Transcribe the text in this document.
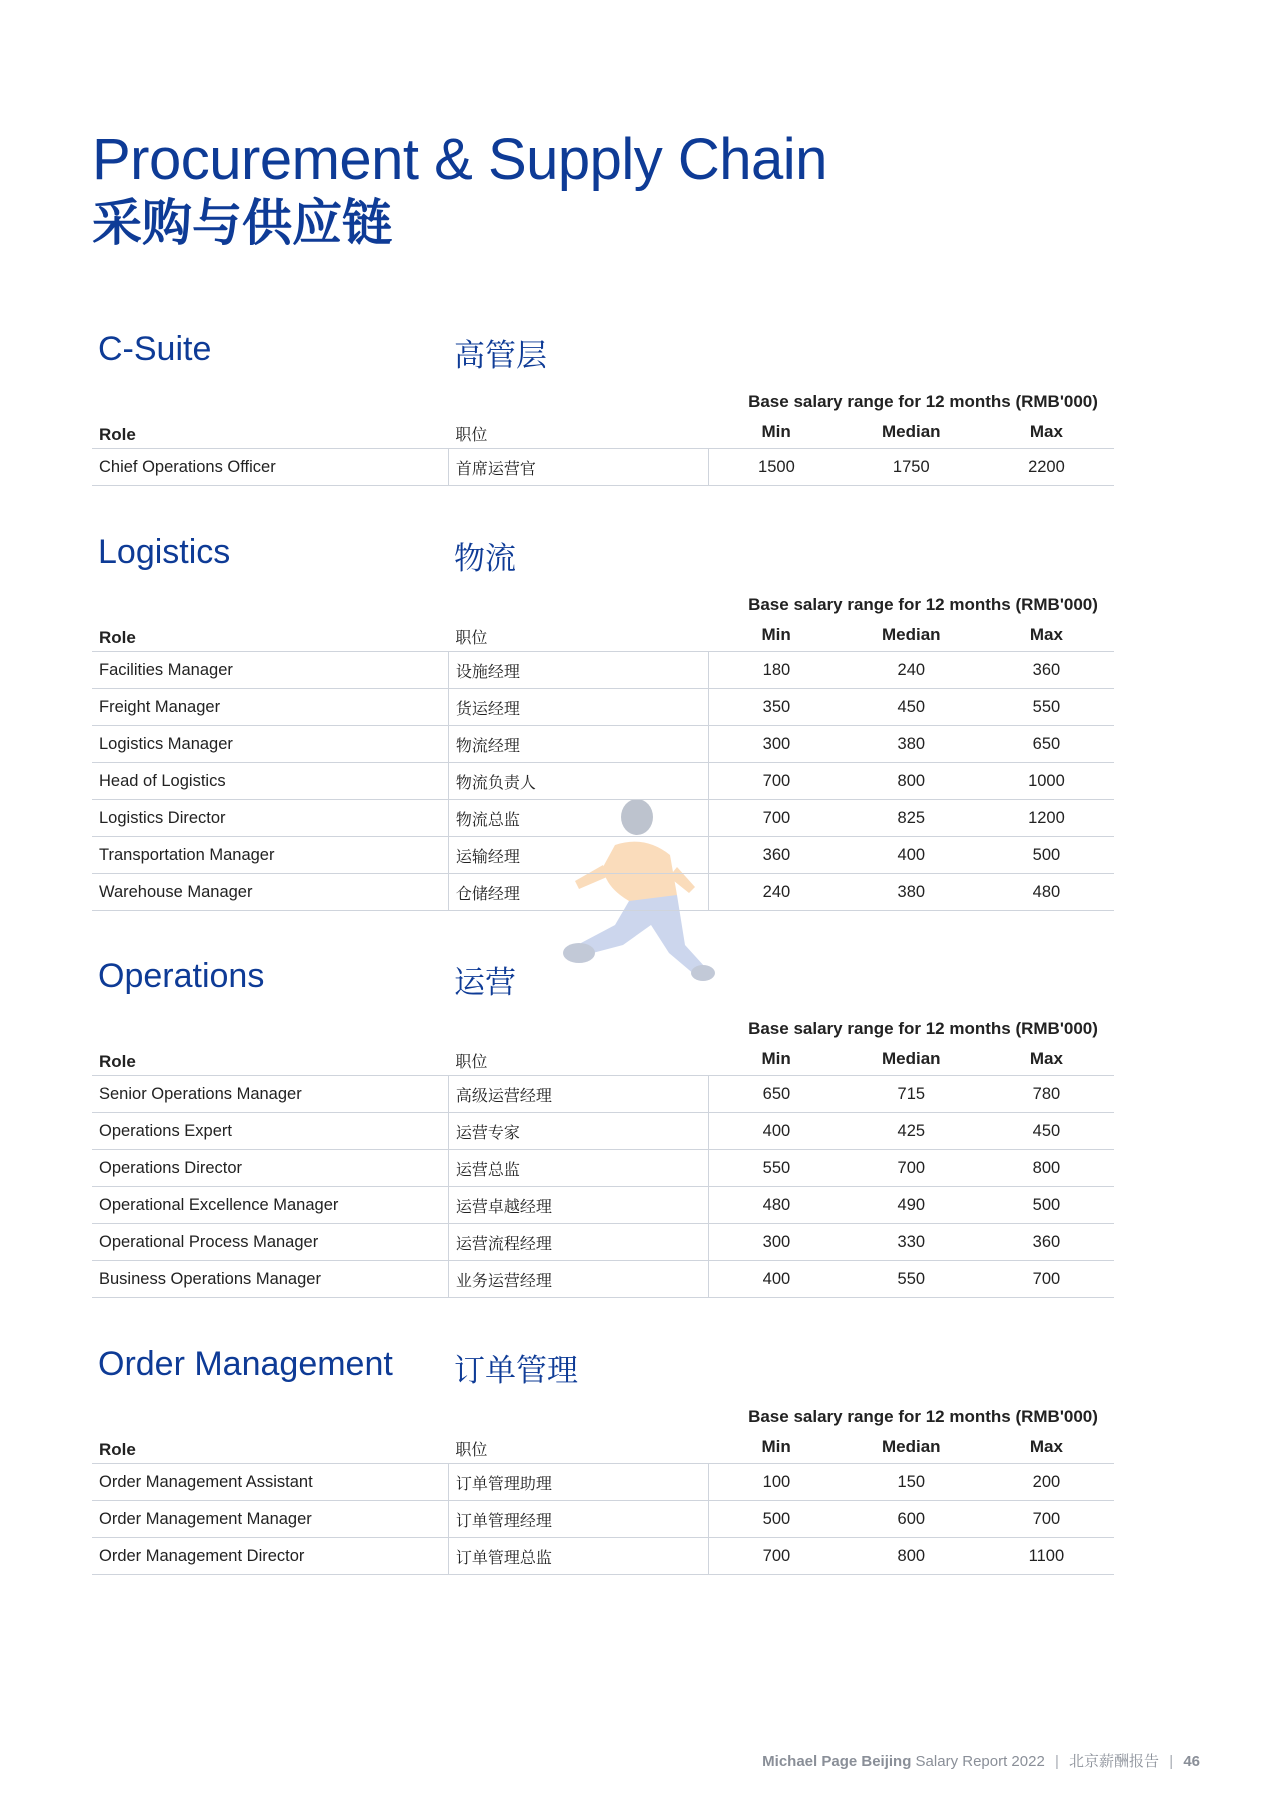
Procurement & Supply Chain
采购与供应链
C-Suite	高管层
Base salary range for 12 months (RMB'000)
Role	职位	Min	Median	Max
Chief Operations Officer	首席运营官	1500	1750	2200
Logistics	物流
Base salary range for 12 months (RMB'000)
Role	职位	Min	Median	Max
Facilities Manager	设施经理	180	240	360
Freight Manager	货运经理	350	450	550
Logistics Manager	物流经理	300	380	650
Head of Logistics	物流负责人	700	800	1000
Logistics Director	物流总监	700	825	1200
Transportation Manager	运输经理	360	400	500
Warehouse Manager	仓储经理	240	380	480
Operations	运营
Base salary range for 12 months (RMB'000)
Role	职位	Min	Median	Max
Senior Operations Manager	高级运营经理	650	715	780
Operations Expert	运营专家	400	425	450
Operations Director	运营总监	550	700	800
Operational Excellence Manager	运营卓越经理	480	490	500
Operational Process Manager	运营流程经理	300	330	360
Business Operations Manager	业务运营经理	400	550	700
Order Management 订单管理
Base salary range for 12 months (RMB'000)
Role	职位	Min	Median	Max
Order Management Assistant	订单管理助理	100	150	200
Order Management Manager	订单管理经理	500	600	700
Order Management Director	订单管理总监	700	800	1100
Michael Page Beijing Salary Report 2022 | 北京薪酬报告 | 46
